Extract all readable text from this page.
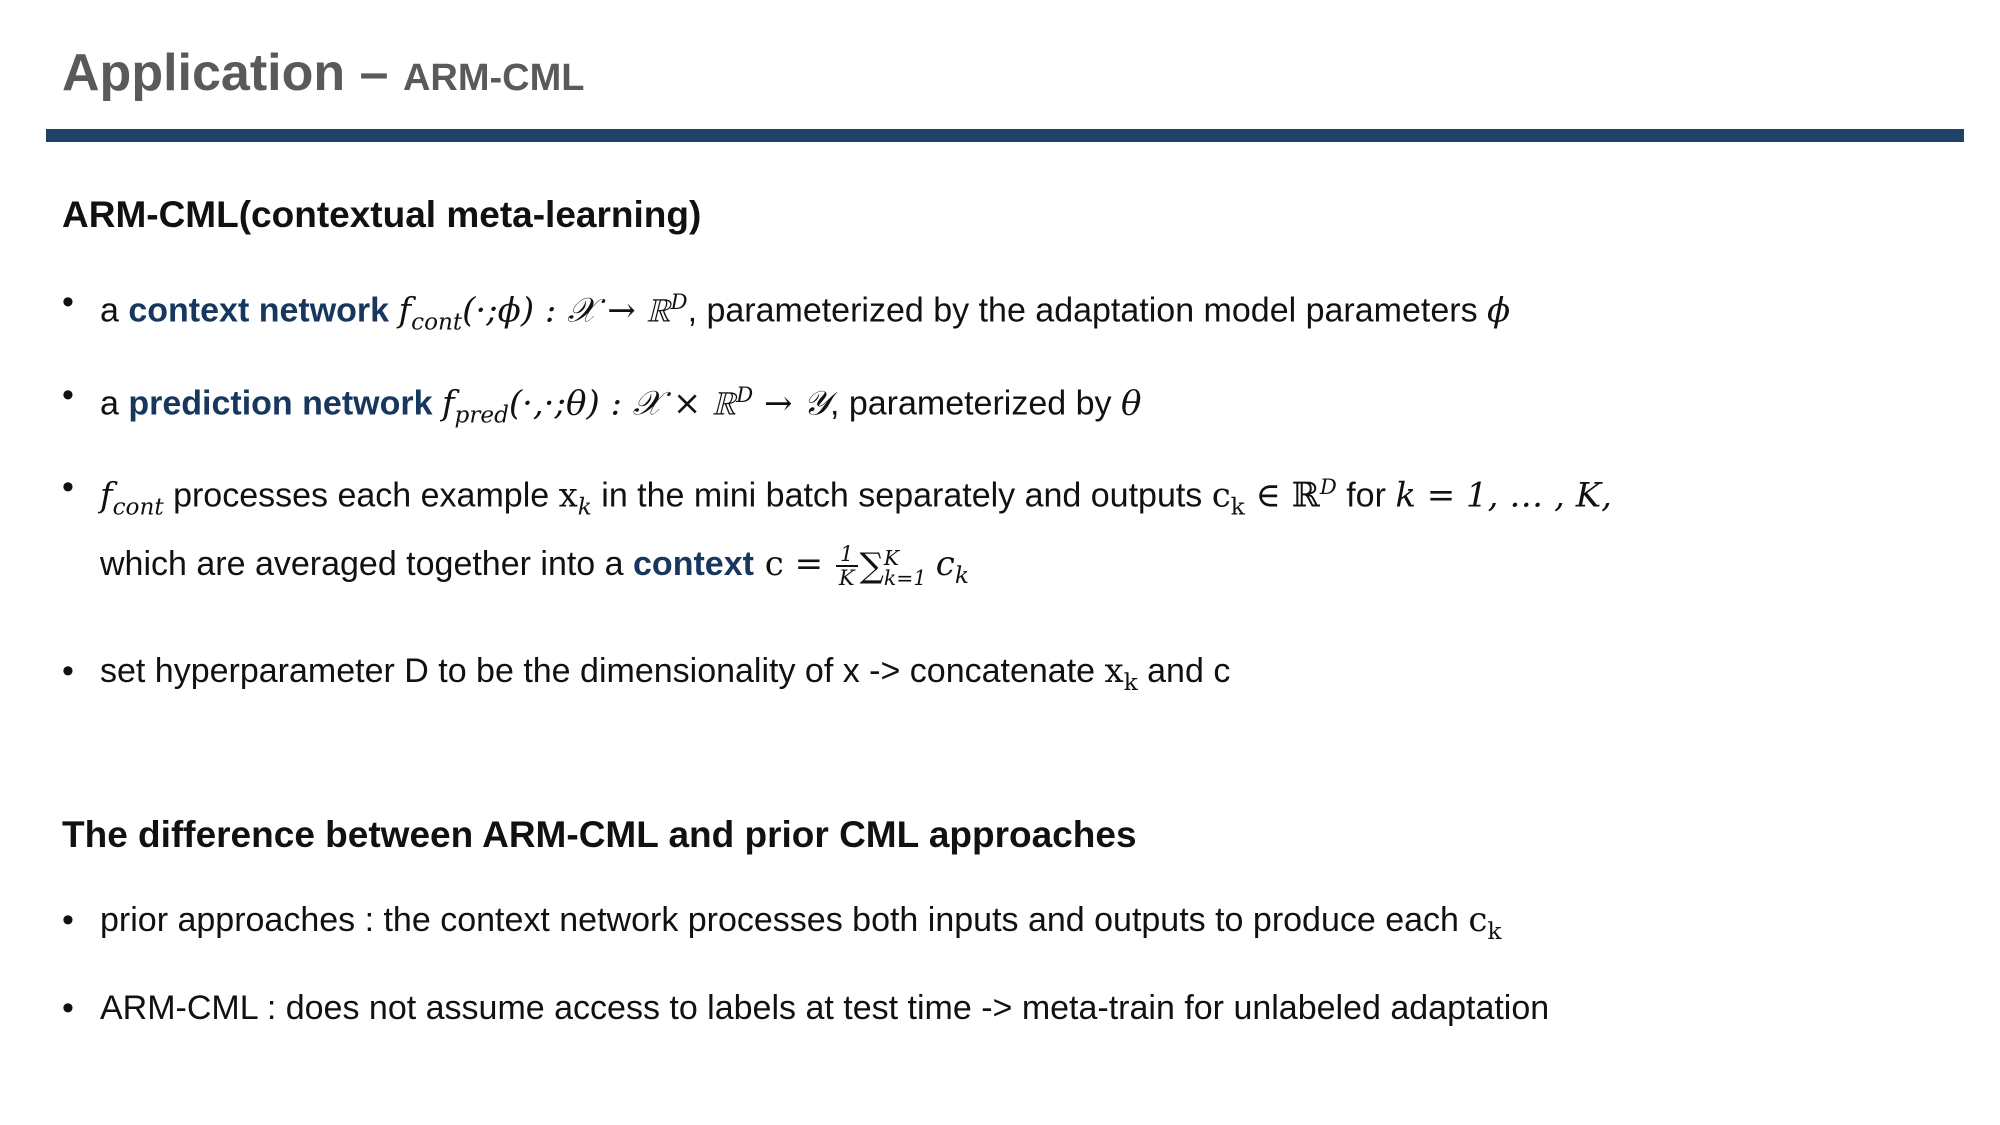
Application – ARM-CML
ARM-CML(contextual meta-learning)
• a context network $f_{cont}(\cdot;\phi)$ : 𝒳 → ℝ$^D$, parameterized by the adaptation model parameters ϕ
• a prediction network $f_{pred}(\cdot,\cdot;\theta)$ : 𝒳 × ℝ$^D$ → 𝒴, parameterized by θ
• $f_{cont}$ processes each example $x_k$ in the mini batch separately and outputs $c_k$ ∈ ℝ$^D$ for k = 1, … , K,
which are averaged together into a context $c = \frac{1}{K}$ ∑ K
k=1 $c_k$
• set hyperparameter D to be the dimensionality of x -> concatenate $x_k$ and c
The difference between ARM-CML and prior CML approaches
• prior approaches : the context network processes both inputs and outputs to produce each $c_k$
• ARM-CML : does not assume access to labels at test time -> meta-train for unlabeled adaptation
